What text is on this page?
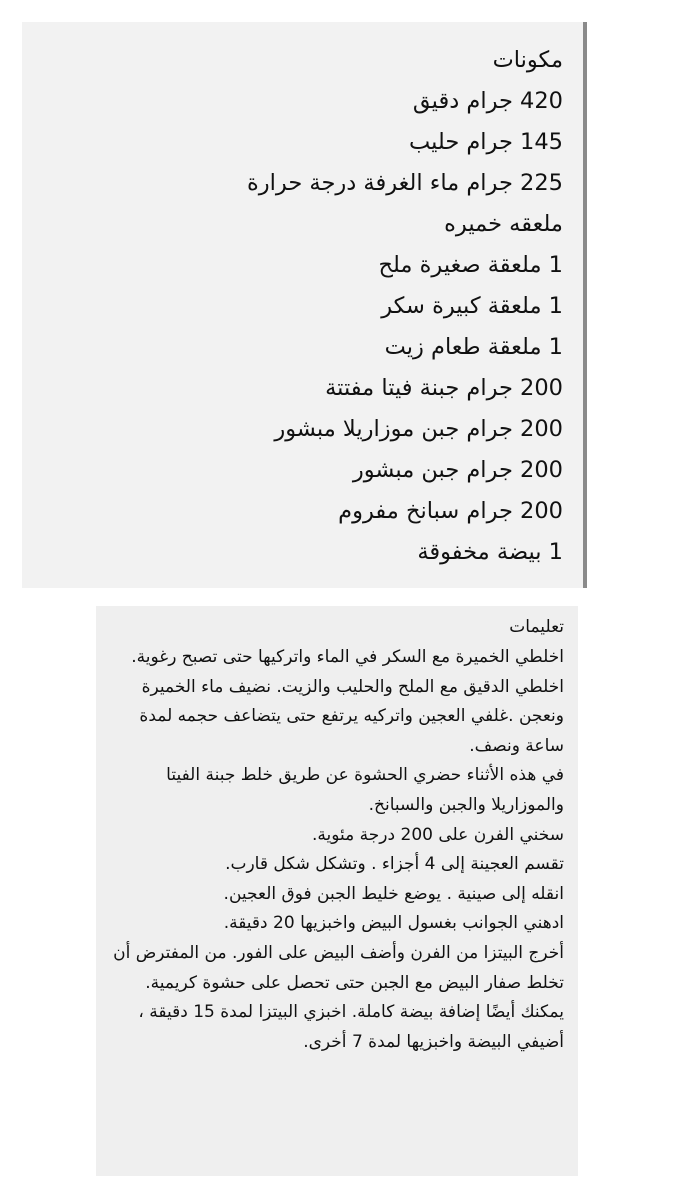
مكونات
420 جرام دقيق
145 جرام حليب
225 جرام ماء الغرفة درجة حرارة
ملعقه خميره
1 ملعقة صغيرة ملح
1 ملعقة كبيرة سكر
1 ملعقة طعام زيت
200 جرام جبنة فيتا مفتتة
200 جرام جبن موزاريلا مبشور
200 جرام جبن مبشور
200 جرام سبانخ مفروم
1 بيضة مخفوقة
تعليمات

اخلطي الخميرة مع السكر في الماء واتركيها حتى تصبح رغوية.

اخلطي الدقيق مع الملح والحليب والزيت. نضيف ماء الخميرة ونعجن .غلفي العجين واتركيه يرتفع حتى يتضاعف حجمه لمدة ساعة ونصف.

في هذه الأثناء حضري الحشوة عن طريق خلط جبنة الفيتا والموزاريلا والجبن والسبانخ.

سخني الفرن على 200 درجة مئوية.

تقسم العجينة إلى 4 أجزاء . وتشكل شكل قارب.

انقله إلى صينية . يوضع خليط الجبن فوق العجين.

ادهني الجوانب بغسول البيض واخبزيها 20 دقيقة.

أخرج البيتزا من الفرن وأضف البيض على الفور. من المفترض أن تخلط صفار البيض مع الجبن حتى تحصل على حشوة كريمية. يمكنك أيضًا إضافة بيضة كاملة. اخبزي البيتزا لمدة 15 دقيقة ، أضيفي البيضة واخبزيها لمدة 7 أخرى.
